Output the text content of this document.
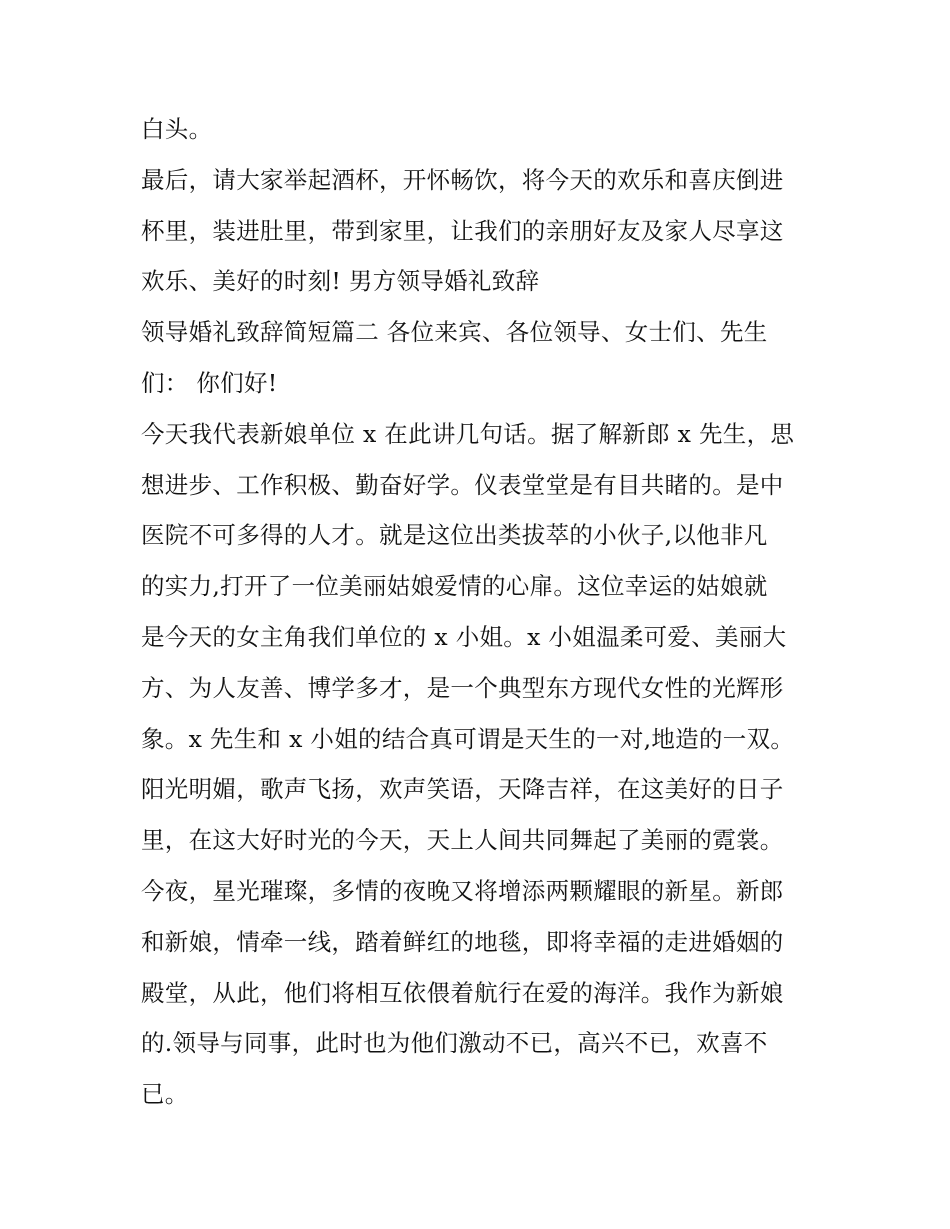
白头。
最后，请大家举起酒杯，开怀畅饮，将今天的欢乐和喜庆倒进
杯里，装进肚里，带到家里，让我们的亲朋好友及家人尽享这
欢乐、美好的时刻! 男方领导婚礼致辞
领导婚礼致辞简短篇二 各位来宾、各位领导、女士们、先生
们： 你们好!
今天我代表新娘单位 x 在此讲几句话。据了解新郎 x 先生，思
想进步、工作积极、勤奋好学。仪表堂堂是有目共睹的。是中
医院不可多得的人才。就是这位出类拔萃的小伙子,以他非凡
的实力,打开了一位美丽姑娘爱情的心扉。这位幸运的姑娘就
是今天的女主角我们单位的 x 小姐。x 小姐温柔可爱、美丽大
方、为人友善、博学多才，是一个典型东方现代女性的光辉形
象。x 先生和 x 小姐的结合真可谓是天生的一对,地造的一双。
阳光明媚，歌声飞扬，欢声笑语，天降吉祥，在这美好的日子
里，在这大好时光的今天，天上人间共同舞起了美丽的霓裳。
今夜，星光璀璨，多情的夜晚又将增添两颗耀眼的新星。新郎
和新娘，情牵一线，踏着鲜红的地毯，即将幸福的走进婚姻的
殿堂，从此，他们将相互依偎着航行在爱的海洋。我作为新娘
的.领导与同事，此时也为他们激动不已，高兴不已，欢喜不
已。
